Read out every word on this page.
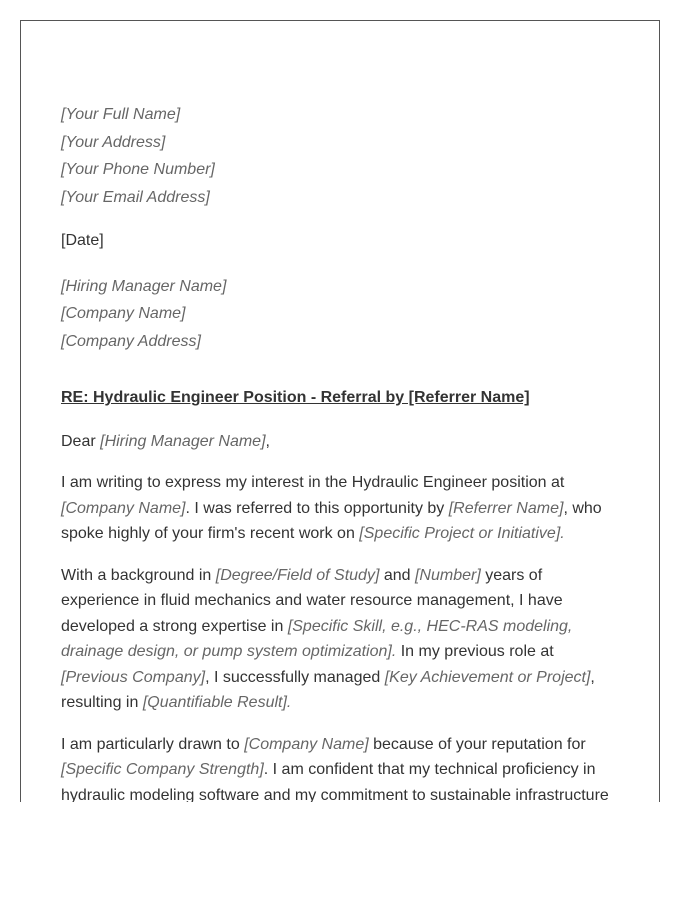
[Your Full Name]
[Your Address]
[Your Phone Number]
[Your Email Address]
[Date]
[Hiring Manager Name]
[Company Name]
[Company Address]
RE: Hydraulic Engineer Position - Referral by [Referrer Name]
Dear [Hiring Manager Name],

I am writing to express my interest in the Hydraulic Engineer position at [Company Name]. I was referred to this opportunity by [Referrer Name], who spoke highly of your firm's recent work on [Specific Project or Initiative].

With a background in [Degree/Field of Study] and [Number] years of experience in fluid mechanics and water resource management, I have developed a strong expertise in [Specific Skill, e.g., HEC-RAS modeling, drainage design, or pump system optimization]. In my previous role at [Previous Company], I successfully managed [Key Achievement or Project], resulting in [Quantifiable Result].

I am particularly drawn to [Company Name] because of your reputation for [Specific Company Strength]. I am confident that my technical proficiency in hydraulic modeling software and my commitment to sustainable infrastructure
